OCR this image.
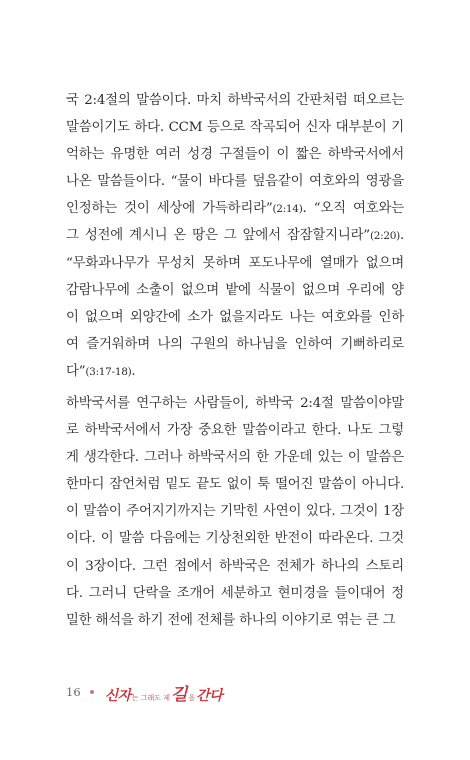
국 2:4절의 말씀이다. 마치 하박국서의 간판처럼 떠오르는
말씀이기도 하다. CCM 등으로 작곡되어 신자 대부분이 기
억하는 유명한 여러 성경 구절들이 이 짧은 하박국서에서
나온 말씀들이다. “물이 바다를 덮음같이 여호와의 영광을
인정하는 것이 세상에 가득하리라”(2:14). “오직 여호와는
그 성전에 계시니 온 땅은 그 앞에서 잠잠할지니라”(2:20).
“무화과나무가 무성치 못하며 포도나무에 열매가 없으며
감람나무에 소출이 없으며 밭에 식물이 없으며 우리에 양
이 없으며 외양간에 소가 없을지라도 나는 여호와를 인하
여 즐거워하며 나의 구원의 하나님을 인하여 기뻐하리로
다”(3:17-18).
하박국서를 연구하는 사람들이, 하박국 2:4절 말씀이야말
로 하박국서에서 가장 중요한 말씀이라고 한다. 나도 그렇
게 생각한다. 그러나 하박국서의 한 가운데 있는 이 말씀은
한마디 잠언처럼 밑도 끝도 없이 툭 떨어진 말씀이 아니다.
이 말씀이 주어지기까지는 기막힌 사연이 있다. 그것이 1장
이다. 이 말씀 다음에는 기상천외한 반전이 따라온다. 그것
이 3장이다. 그런 점에서 하박국은 전체가 하나의 스토리
다. 그러니 단락을 조개어 세분하고 현미경을 들이대어 정
밀한 해석을 하기 전에 전체를 하나의 이야기로 엮는 큰 그
16 신자 는 그래도 제 길 을 간다
